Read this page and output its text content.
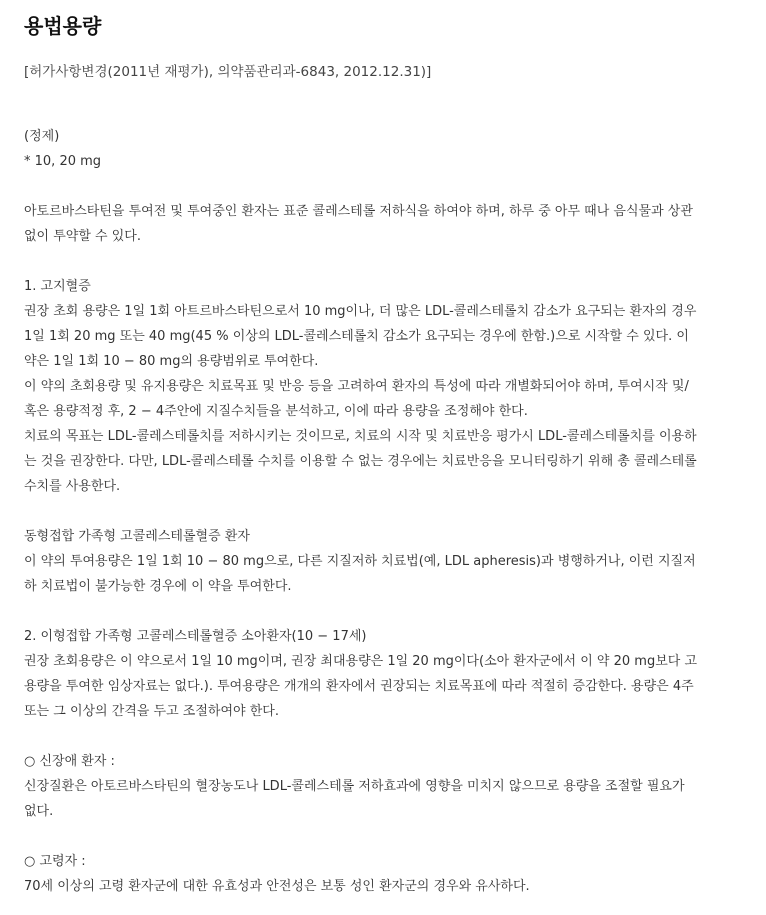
용법용량
[허가사항변경(2011년 재평가), 의약품관리과-6843, 2012.12.31)]
(정제)
* 10, 20 mg
아토르바스타틴을 투여전 및 투여중인 환자는 표준 콜레스테롤 저하식을 하여야 하며, 하루 중 아무 때나 음식물과 상관
없이 투약할 수 있다.
1. 고지혈증
권장 초회 용량은 1일 1회 아트르바스타틴으로서 10 mg이나, 더 많은 LDL-콜레스테롤치 감소가 요구되는 환자의 경우
1일 1회 20 mg 또는 40 mg(45 % 이상의 LDL-콜레스테롤치 감소가 요구되는 경우에 한함.)으로 시작할 수 있다. 이
약은 1일 1회 10 − 80 mg의 용량범위로 투여한다.
이 약의 초회용량 및 유지용량은 치료목표 및 반응 등을 고려하여 환자의 특성에 따라 개별화되어야 하며, 투여시작 및/
혹은 용량적정 후, 2 − 4주안에 지질수치들을 분석하고, 이에 따라 용량을 조정해야 한다.
치료의 목표는 LDL-콜레스테롤치를 저하시키는 것이므로, 치료의 시작 및 치료반응 평가시 LDL-콜레스테롤치를 이용하
는 것을 권장한다. 다만, LDL-콜레스테롤 수치를 이용할 수 없는 경우에는 치료반응을 모니터링하기 위해 총 콜레스테롤
수치를 사용한다.
동형접합 가족형 고콜레스테롤혈증 환자
이 약의 투여용량은 1일 1회 10 − 80 mg으로, 다른 지질저하 치료법(예, LDL apheresis)과 병행하거나, 이런 지질저
하 치료법이 불가능한 경우에 이 약을 투여한다.
2. 이형접합 가족형 고콜레스테롤혈증 소아환자(10 − 17세)
권장 초회용량은 이 약으로서 1일 10 mg이며, 권장 최대용량은 1일 20 mg이다(소아 환자군에서 이 약 20 mg보다 고
용량을 투여한 임상자료는 없다.). 투여용량은 개개의 환자에서 권장되는 치료목표에 따라 적절히 증감한다. 용량은 4주
또는 그 이상의 간격을 두고 조절하여야 한다.
○ 신장애 환자 :
신장질환은 아토르바스타틴의 혈장농도나 LDL-콜레스테롤 저하효과에 영향을 미치지 않으므로 용량을 조절할 필요가
없다.
○ 고령자 :
70세 이상의 고령 환자군에 대한 유효성과 안전성은 보통 성인 환자군의 경우와 유사하다.
